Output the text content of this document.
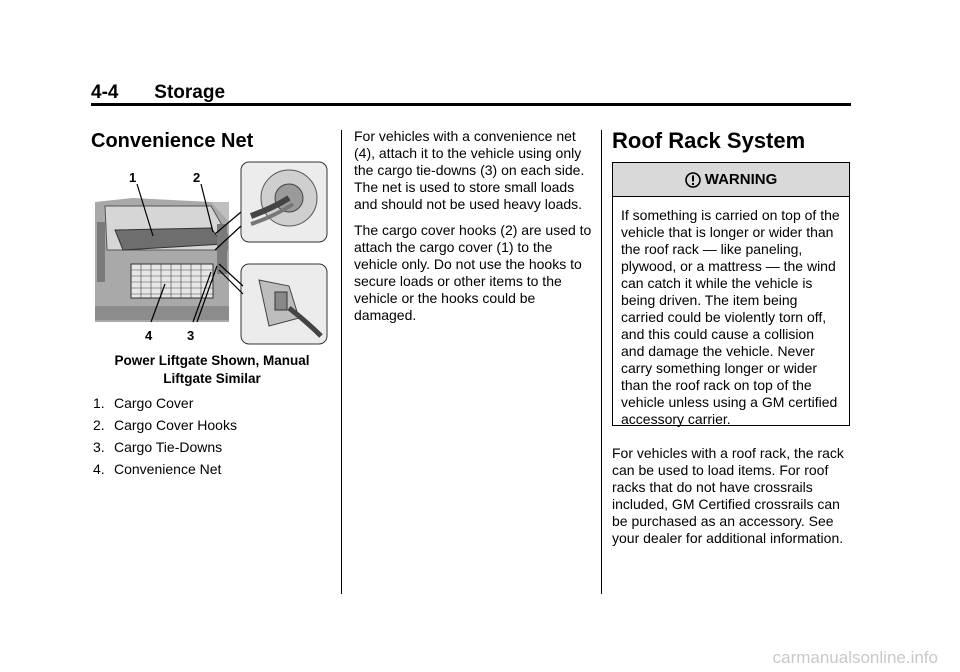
4-4 Storage
Convenience Net
1	2
3
4
Power Liftgate Shown, Manual
Liftgate Similar
1. Cargo Cover
2. Cargo Cover Hooks
3. Cargo Tie-Downs
4. Convenience Net

For vehicles with a convenience net (4), attach it to the vehicle using only the cargo tie-downs (3) on each side. The net is used to store small loads and should not be used heavy loads.

The cargo cover hooks (2) are used to attach the cargo cover (1) to the vehicle only. Do not use the hooks to secure loads or other items to the vehicle or the hooks could be damaged.

Roof Rack System
WARNING
If something is carried on top of the vehicle that is longer or wider than the roof rack — like paneling, plywood, or a mattress — the wind can catch it while the vehicle is being driven. The item being carried could be violently torn off, and this could cause a collision and damage the vehicle. Never carry something longer or wider than the roof rack on top of the vehicle unless using a GM certified accessory carrier.

For vehicles with a roof rack, the rack can be used to load items. For roof racks that do not have crossrails included, GM Certified crossrails can be purchased as an accessory. See your dealer for additional information.

carmanualsonline.info
